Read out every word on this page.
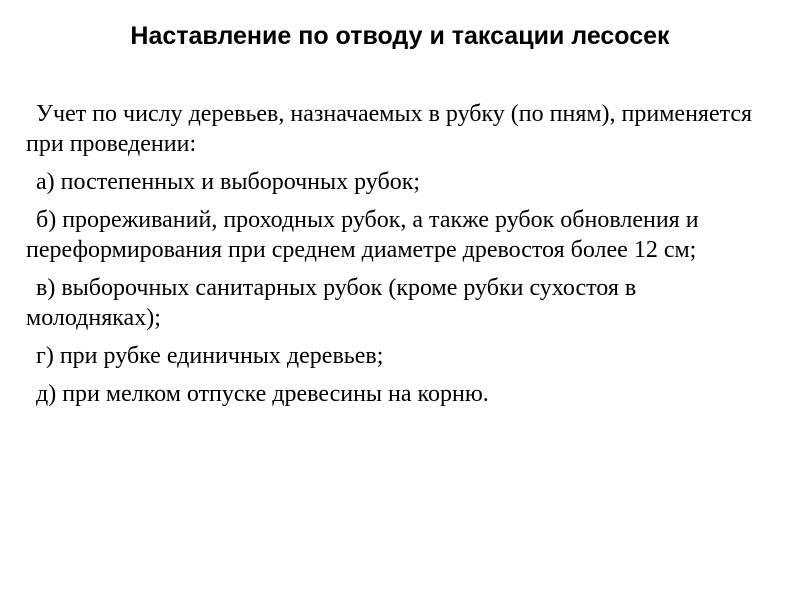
Наставление по отводу и таксации лесосек

Учет по числу деревьев, назначаемых в рубку (по пням), применяется при проведении:

а) постепенных и выборочных рубок;

б) прореживаний, проходных рубок, а также рубок обновления и переформирования при среднем диаметре древостоя более 12 см;

в) выборочных санитарных рубок (кроме рубки сухостоя в молодняках);

г) при рубке единичных деревьев;

д) при мелком отпуске древесины на корню.
